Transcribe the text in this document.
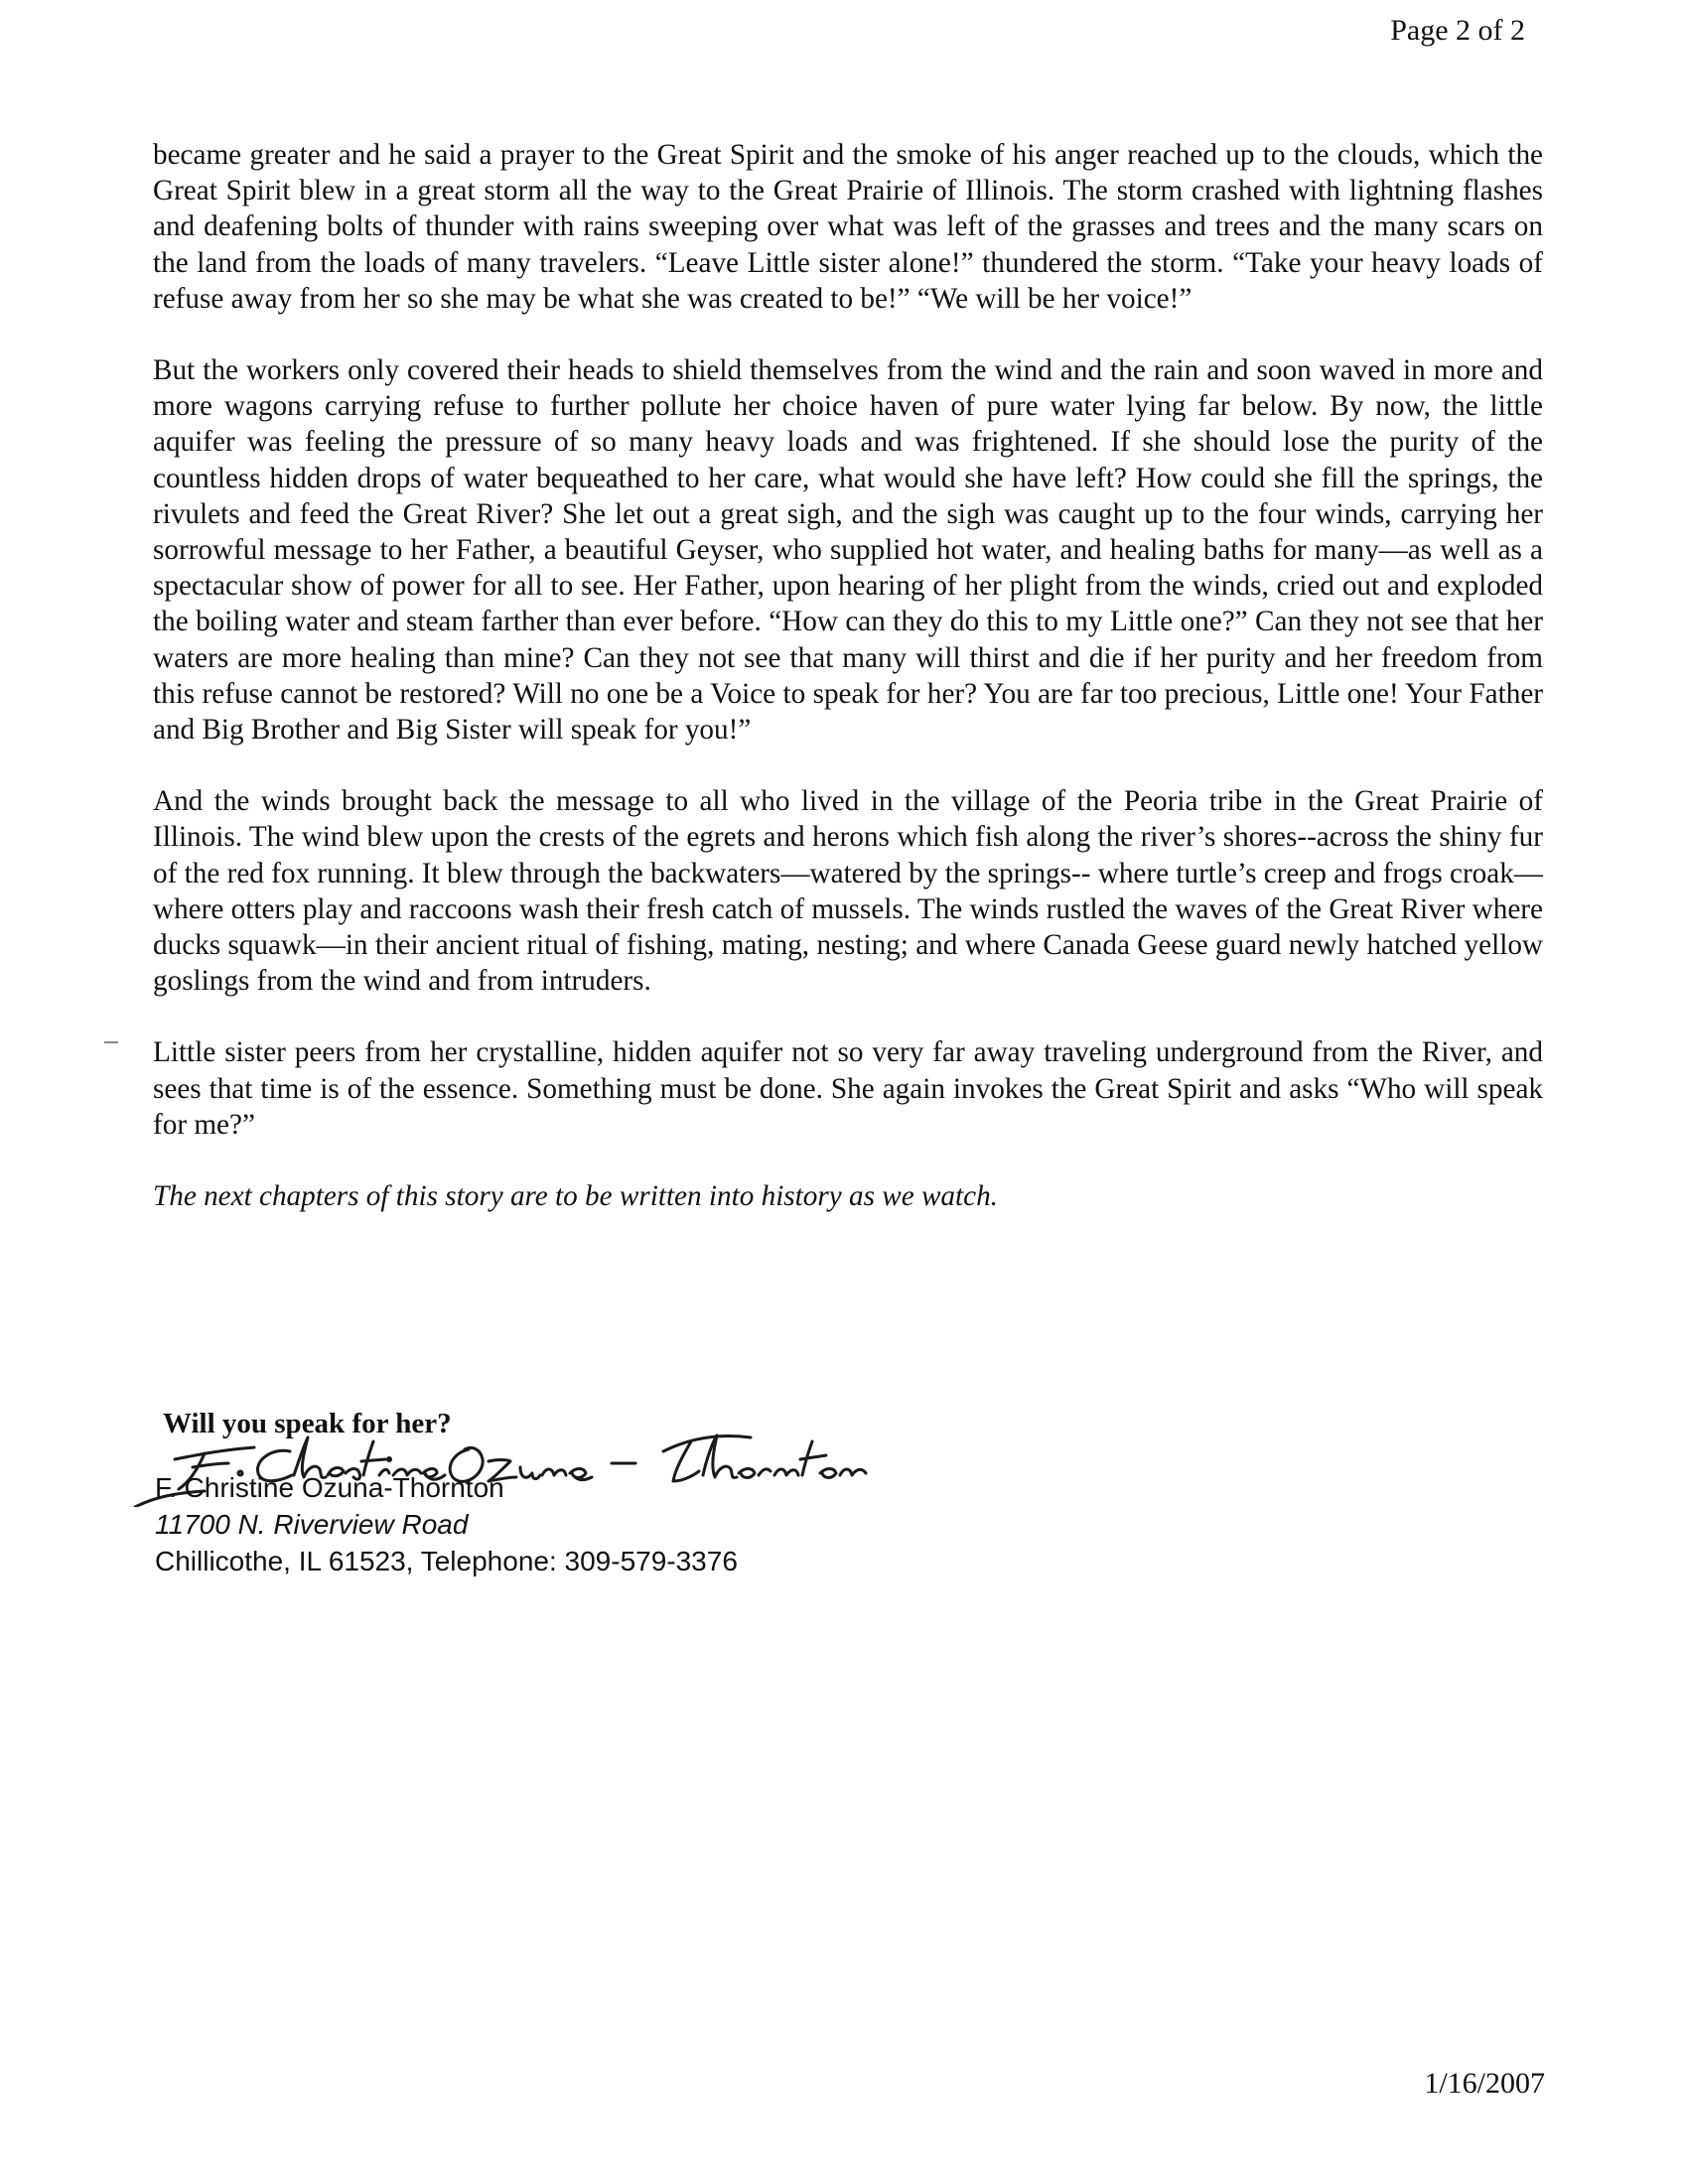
Page 2 of 2

became greater and he said a prayer to the Great Spirit and the smoke of his anger reached up to the clouds, which the Great Spirit blew in a great storm all the way to the Great Prairie of Illinois. The storm crashed with lightning flashes and deafening bolts of thunder with rains sweeping over what was left of the grasses and trees and the many scars on the land from the loads of many travelers. “Leave Little sister alone!” thundered the storm. “Take your heavy loads of refuse away from her so she may be what she was created to be!” “We will be her voice!”

But the workers only covered their heads to shield themselves from the wind and the rain and soon waved in more and more wagons carrying refuse to further pollute her choice haven of pure water lying far below. By now, the little aquifer was feeling the pressure of so many heavy loads and was frightened. If she should lose the purity of the countless hidden drops of water bequeathed to her care, what would she have left? How could she fill the springs, the rivulets and feed the Great River? She let out a great sigh, and the sigh was caught up to the four winds, carrying her sorrowful message to her Father, a beautiful Geyser, who supplied hot water, and healing baths for many—as well as a spectacular show of power for all to see. Her Father, upon hearing of her plight from the winds, cried out and exploded the boiling water and steam farther than ever before. “How can they do this to my Little one?” Can they not see that her waters are more healing than mine? Can they not see that many will thirst and die if her purity and her freedom from this refuse cannot be restored? Will no one be a Voice to speak for her? You are far too precious, Little one! Your Father and Big Brother and Big Sister will speak for you!”

And the winds brought back the message to all who lived in the village of the Peoria tribe in the Great Prairie of Illinois. The wind blew upon the crests of the egrets and herons which fish along the river’s shores--across the shiny fur of the red fox running. It blew through the backwaters—watered by the springs-- where turtle’s creep and frogs croak—where otters play and raccoons wash their fresh catch of mussels. The winds rustled the waves of the Great River where ducks squawk—in their ancient ritual of fishing, mating, nesting; and where Canada Geese guard newly hatched yellow goslings from the wind and from intruders.

Little sister peers from her crystalline, hidden aquifer not so very far away traveling underground from the River, and sees that time is of the essence. Something must be done. She again invokes the Great Spirit and asks “Who will speak for me?”

The next chapters of this story are to be written into history as we watch.

Will you speak for her?
F. Christine Ozuna-Thornton
11700 N. Riverview Road
Chillicothe, IL 61523, Telephone: 309-579-3376
1/16/2007
